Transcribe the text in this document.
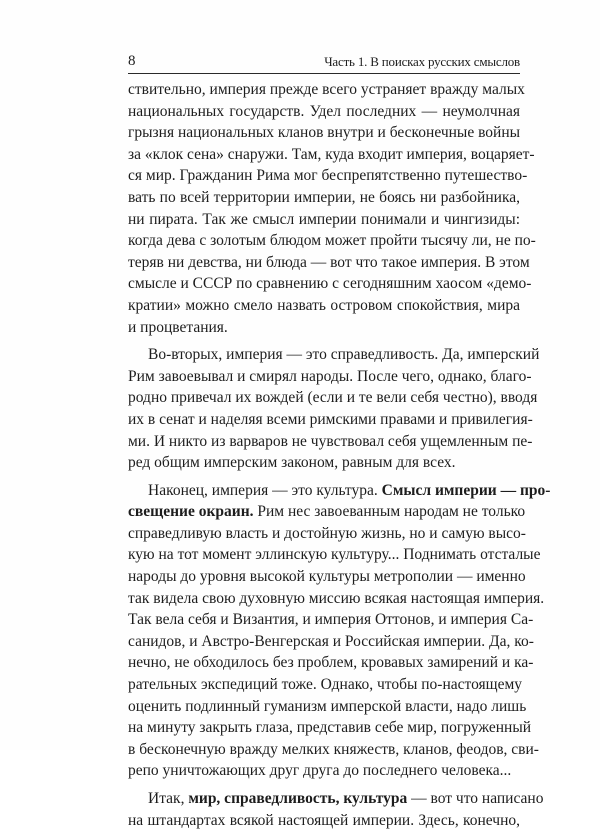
8	Часть 1. В поисках русских смыслов
ствительно, империя прежде всего устраняет вражду малых
национальных государств. Удел последних — неумолчная
грызня национальных кланов внутри и бесконечные войны
за «клок сена» снаружи. Там, куда входит империя, воцаряет-
ся мир. Гражданин Рима мог беспрепятственно путешество-
вать по всей территории империи, не боясь ни разбойника,
ни пирата. Так же смысл империи понимали и чингизиды:
когда дева с золотым блюдом может пройти тысячу ли, не по-
теряв ни девства, ни блюда — вот что такое империя. В этом
смысле и СССР по сравнению с сегодняшним хаосом «демо-
кратии» можно смело назвать островом спокойствия, мира
и процветания.
Во-вторых, империя — это справедливость. Да, имперский
Рим завоевывал и смирял народы. После чего, однако, благо-
родно привечал их вождей (если и те вели себя честно), вводя
их в сенат и наделяя всеми римскими правами и привилегия-
ми. И никто из варваров не чувствовал себя ущемленным пе-
ред общим имперским законом, равным для всех.
Наконец, империя — это культура. Смысл империи — про-
свещение окраин. Рим нес завоеванным народам не только
справедливую власть и достойную жизнь, но и самую высо-
кую на тот момент эллинскую культуру... Поднимать отсталые
народы до уровня высокой культуры метрополии — именно
так видела свою духовную миссию всякая настоящая империя.
Так вела себя и Византия, и империя Оттонов, и империя Са-
санидов, и Австро-Венгерская и Российская империи. Да, ко-
нечно, не обходилось без проблем, кровавых замирений и ка-
рательных экспедиций тоже. Однако, чтобы по-настоящему
оценить подлинный гуманизм имперской власти, надо лишь
на минуту закрыть глаза, представив себе мир, погруженный
в бесконечную вражду мелких княжеств, кланов, феодов, сви-
репо уничтожающих друг друга до последнего человека...
Итак, мир, справедливость, культура — вот что написано
на штандартах всякой настоящей империи. Здесь, конечно,
